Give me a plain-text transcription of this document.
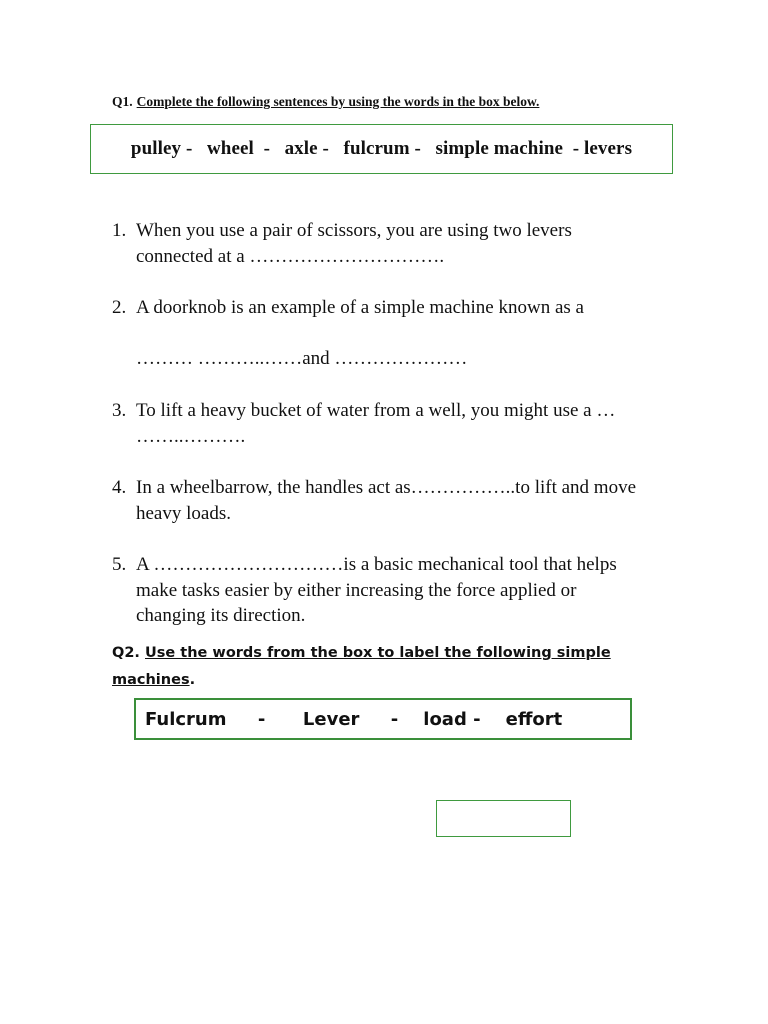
Q1. Complete the following sentences by using the words in the box below.
pulley -   wheel  -   axle -   fulcrum -   simple machine  - levers
1. When you use a pair of scissors, you are using two levers
connected at a ………………………….
2. A doorknob is an example of a simple machine known as a
……… ………..……and …………………
3. To lift a heavy bucket of water from a well, you might use a …
……..……….
4. In a wheelbarrow, the handles act as……………..to lift and move
heavy loads.
5. A …………………………is a basic mechanical tool that helps
make tasks easier by either increasing the force applied or
changing its direction.
Q2. Use the words from the box to label the following simple machines.
Fulcrum     -      Lever     -    load -    effort
